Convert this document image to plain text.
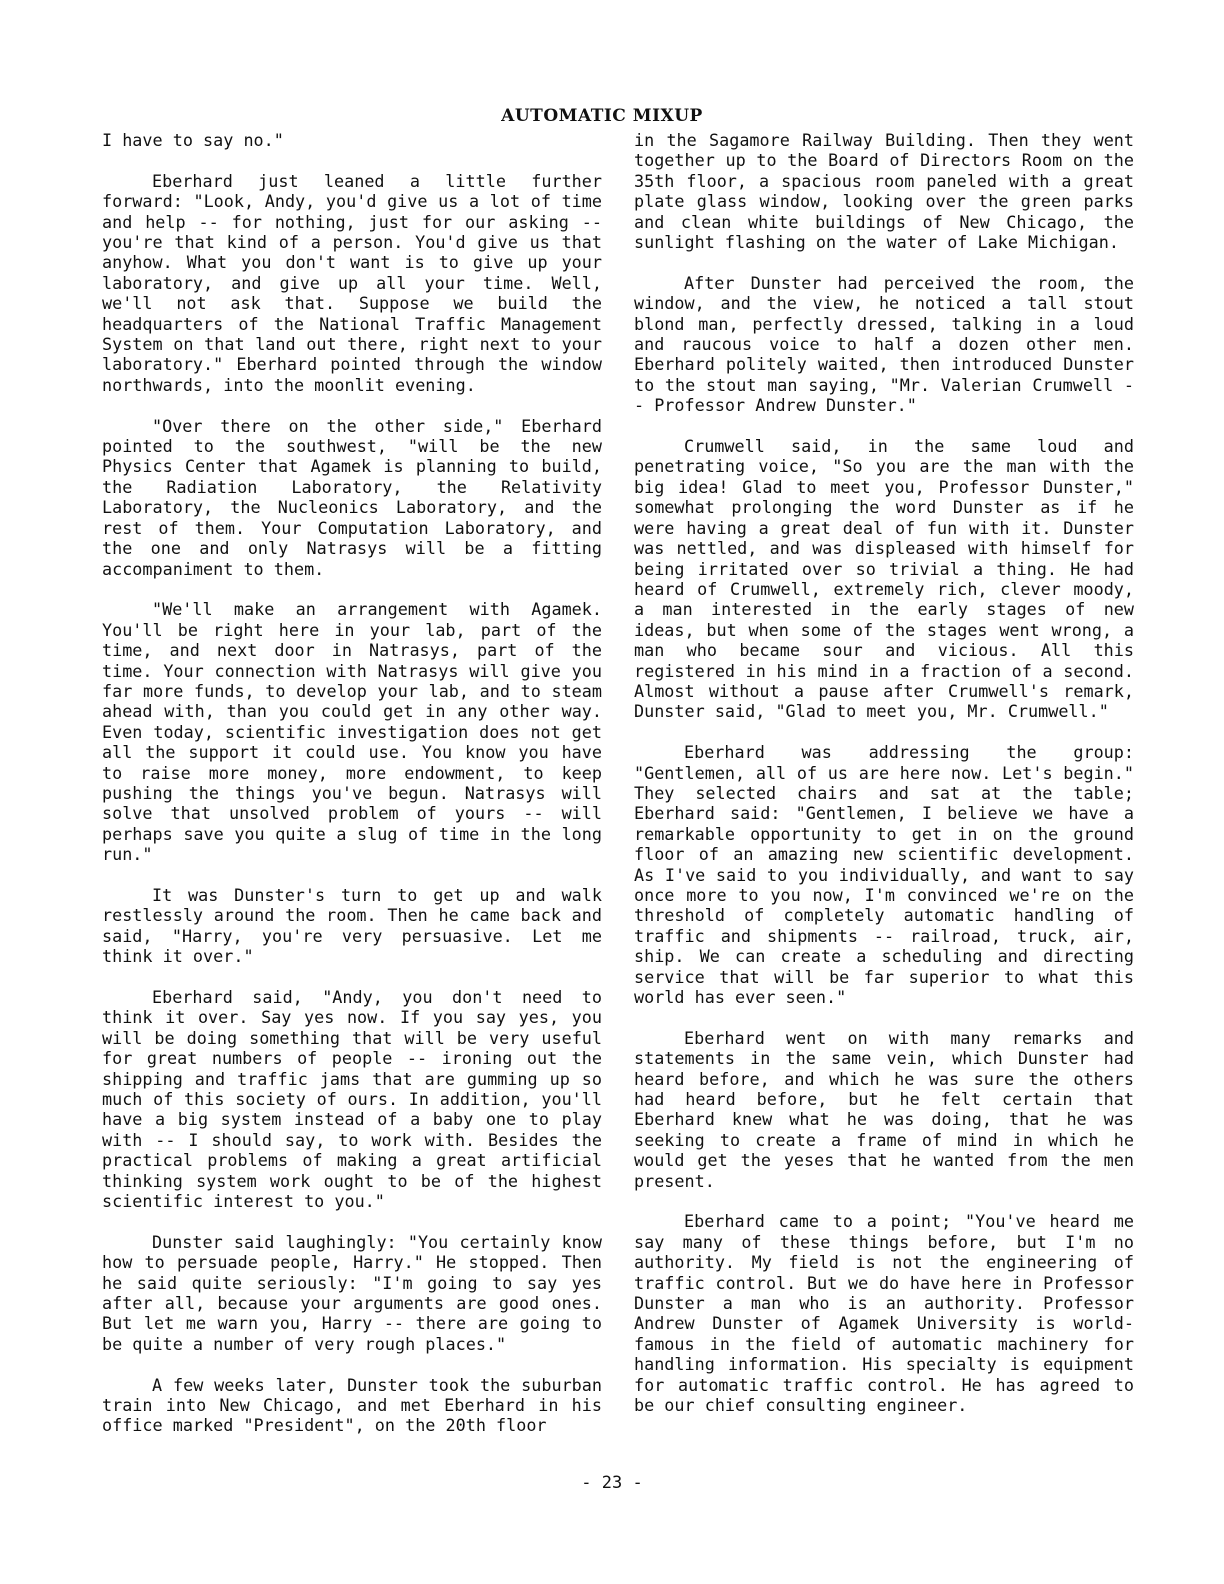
AUTOMATIC MIXUP

I have to say no."

Eberhard just leaned a little further forward: "Look, Andy, you'd give us a lot of time and help -- for nothing, just for our asking -- you're that kind of a person. You'd give us that anyhow. What you don't want is to give up your laboratory, and give up all your time. Well, we'll not ask that. Suppose we build the headquarters of the National Traffic Management System on that land out there, right next to your laboratory." Eberhard pointed through the window northwards, into the moonlit evening.

"Over there on the other side," Eberhard pointed to the southwest, "will be the new Physics Center that Agamek is planning to build, the Radiation Laboratory, the Relativity Laboratory, the Nucleonics Laboratory, and the rest of them. Your Computation Laboratory, and the one and only Natrasys will be a fitting accompaniment to them.

"We'll make an arrangement with Agamek. You'll be right here in your lab, part of the time, and next door in Natrasys, part of the time. Your connection with Natrasys will give you far more funds, to develop your lab, and to steam ahead with, than you could get in any other way. Even today, scientific investigation does not get all the support it could use. You know you have to raise more money, more endowment, to keep pushing the things you've begun. Natrasys will solve that unsolved problem of yours -- will perhaps save you quite a slug of time in the long run."

It was Dunster's turn to get up and walk restlessly around the room. Then he came back and said, "Harry, you're very persuasive. Let me think it over."

Eberhard said, "Andy, you don't need to think it over. Say yes now. If you say yes, you will be doing something that will be very useful for great numbers of people -- ironing out the shipping and traffic jams that are gumming up so much of this society of ours. In addition, you'll have a big system instead of a baby one to play with -- I should say, to work with. Besides the practical problems of making a great artificial thinking system work ought to be of the highest scientific interest to you."

Dunster said laughingly: "You certainly know how to persuade people, Harry." He stopped. Then he said quite seriously: "I'm going to say yes after all, because your arguments are good ones. But let me warn you, Harry -- there are going to be quite a number of very rough places."

A few weeks later, Dunster took the suburban train into New Chicago, and met Eberhard in his office marked "President", on the 20th floor

in the Sagamore Railway Building. Then they went together up to the Board of Directors Room on the 35th floor, a spacious room paneled with a great plate glass window, looking over the green parks and clean white buildings of New Chicago, the sunlight flashing on the water of Lake Michigan.

After Dunster had perceived the room, the window, and the view, he noticed a tall stout blond man, perfectly dressed, talking in a loud and raucous voice to half a dozen other men. Eberhard politely waited, then introduced Dunster to the stout man saying, "Mr. Valerian Crumwell -- Professor Andrew Dunster."

Crumwell said, in the same loud and penetrating voice, "So you are the man with the big idea! Glad to meet you, Professor Dunster," somewhat prolonging the word Dunster as if he were having a great deal of fun with it. Dunster was nettled, and was displeased with himself for being irritated over so trivial a thing. He had heard of Crumwell, extremely rich, clever moody, a man interested in the early stages of new ideas, but when some of the stages went wrong, a man who became sour and vicious. All this registered in his mind in a fraction of a second. Almost without a pause after Crumwell's remark, Dunster said, "Glad to meet you, Mr. Crumwell."

Eberhard was addressing the group: "Gentlemen, all of us are here now. Let's begin." They selected chairs and sat at the table; Eberhard said: "Gentlemen, I believe we have a remarkable opportunity to get in on the ground floor of an amazing new scientific development. As I've said to you individually, and want to say once more to you now, I'm convinced we're on the threshold of completely automatic handling of traffic and shipments -- railroad, truck, air, ship. We can create a scheduling and directing service that will be far superior to what this world has ever seen."

Eberhard went on with many remarks and statements in the same vein, which Dunster had heard before, and which he was sure the others had heard before, but he felt certain that Eberhard knew what he was doing, that he was seeking to create a frame of mind in which he would get the yeses that he wanted from the men present.

Eberhard came to a point; "You've heard me say many of these things before, but I'm no authority. My field is not the engineering of traffic control. But we do have here in Professor Dunster a man who is an authority. Professor Andrew Dunster of Agamek University is world-famous in the field of automatic machinery for handling information. His specialty is equipment for automatic traffic control. He has agreed to be our chief consulting engineer.

- 23 -
